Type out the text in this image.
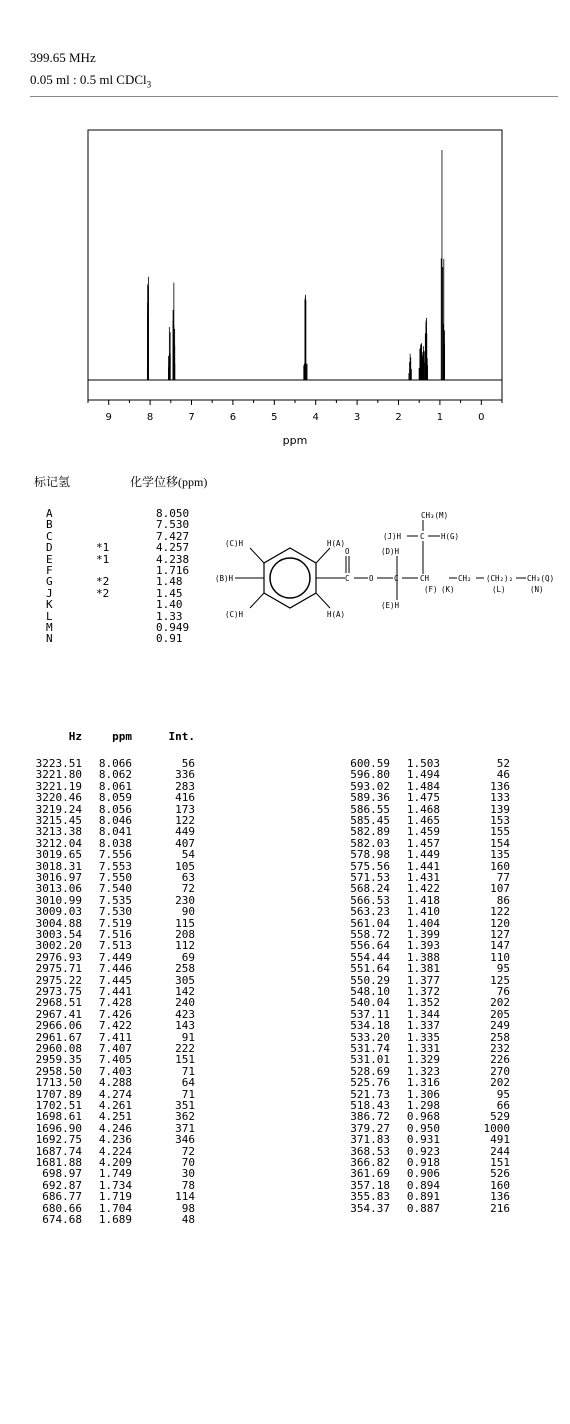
399.65 MHz
0.05 ml : 0.5 ml CDCl$_3$
9	8	7	6	5	4	3	2	1	0
ppm
标记氢	化学位移(ppm)
A	8.050
B	7.530
C	7.427
D	*1	4.257
E	*1	4.238
F	1.716
G	*2	1.48
J	*2	1.45
K	1.40
L	1.33
M	0.949
N	0.91
(C)H	H(A)
(B)H
(C)H	H(A)
O
C	O	C
(D)H
(E)H
(J)H	H(G)
C
CH₃(M)
CH	CH₂ (CH₂)₂ CH₃(Q)
(F) (K)	(L)	(N)
Hz	ppm	Int.
3223.51	8.066	56
3221.80	8.062	336
3221.19	8.061	283
3220.46	8.059	416
3219.24	8.056	173
3215.45	8.046	122
3213.38	8.041	449
3212.04	8.038	407
3019.65	7.556	54
3018.31	7.553	105
3016.97	7.550	63
3013.06	7.540	72
3010.99	7.535	230
3009.03	7.530	90
3004.88	7.519	115
3003.54	7.516	208
3002.20	7.513	112
2976.93	7.449	69
2975.71	7.446	258
2975.22	7.445	305
2973.75	7.441	142
2968.51	7.428	240
2967.41	7.426	423
2966.06	7.422	143
2961.67	7.411	91
2960.08	7.407	222
2959.35	7.405	151
2958.50	7.403	71
1713.50	4.288	64
1707.89	4.274	71
1702.51	4.261	351
1698.61	4.251	362
1696.90	4.246	371
1692.75	4.236	346
1687.74	4.224	72
1681.88	4.209	70
698.97	1.749	30
692.87	1.734	78
686.77	1.719	114
680.66	1.704	98
674.68	1.689	48
600.59	1.503	52
596.80	1.494	46
593.02	1.484	136
589.36	1.475	133
586.55	1.468	139
585.45	1.465	153
582.89	1.459	155
582.03	1.457	154
578.98	1.449	135
575.56	1.441	160
571.53	1.431	77
568.24	1.422	107
566.53	1.418	86
563.23	1.410	122
561.04	1.404	120
558.72	1.399	127
556.64	1.393	147
554.44	1.388	110
551.64	1.381	95
550.29	1.377	125
548.10	1.372	76
540.04	1.352	202
537.11	1.344	205
534.18	1.337	249
533.20	1.335	258
531.74	1.331	232
531.01	1.329	226
528.69	1.323	270
525.76	1.316	202
521.73	1.306	95
518.43	1.298	66
386.72	0.968	529
379.27	0.950	1000
371.83	0.931	491
368.53	0.923	244
366.82	0.918	151
361.69	0.906	526
357.18	0.894	160
355.83	0.891	136
354.37	0.887	216
